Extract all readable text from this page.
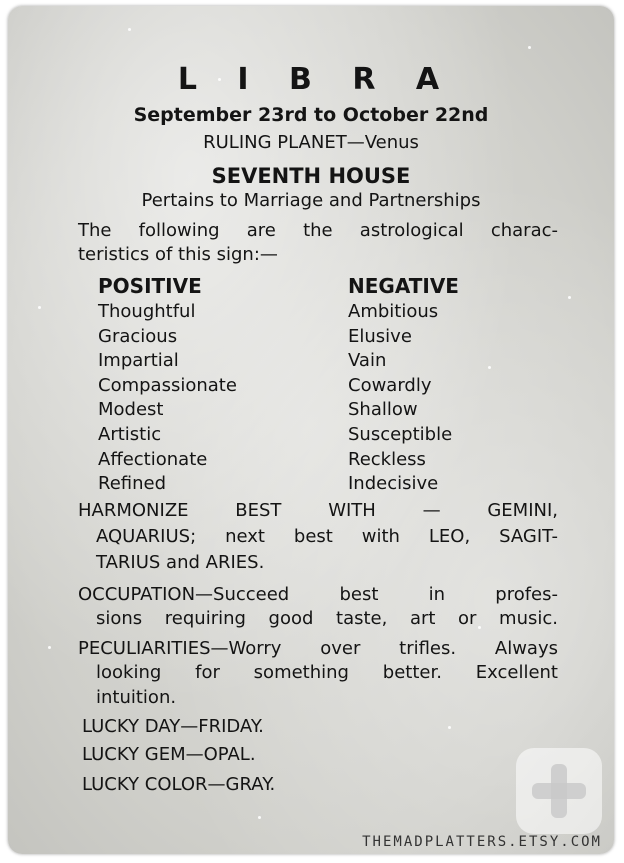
L I B R A
September 23rd to October 22nd
RULING PLANET—Venus
SEVENTH HOUSE
Pertains to Marriage and Partnerships
The following are the astrological charac-
teristics of this sign:—
POSITIVE
Thoughtful
Gracious
Impartial
Compassionate
Modest
Artistic
Affectionate
Refined
NEGATIVE
Ambitious
Elusive
Vain
Cowardly
Shallow
Susceptible
Reckless
Indecisive
HARMONIZE BEST WITH — GEMINI,
AQUARIUS; next best with LEO, SAGIT-
TARIUS and ARIES.
OCCUPATION—Succeed best in profes-
sions requiring good taste, art or music.
PECULIARITIES—Worry over trifles. Always
looking for something better. Excellent
intuition.
LUCKY DAY—FRIDAY.
LUCKY GEM—OPAL.
LUCKY COLOR—GRAY.
THEMADPLATTERS.ETSY.COM
